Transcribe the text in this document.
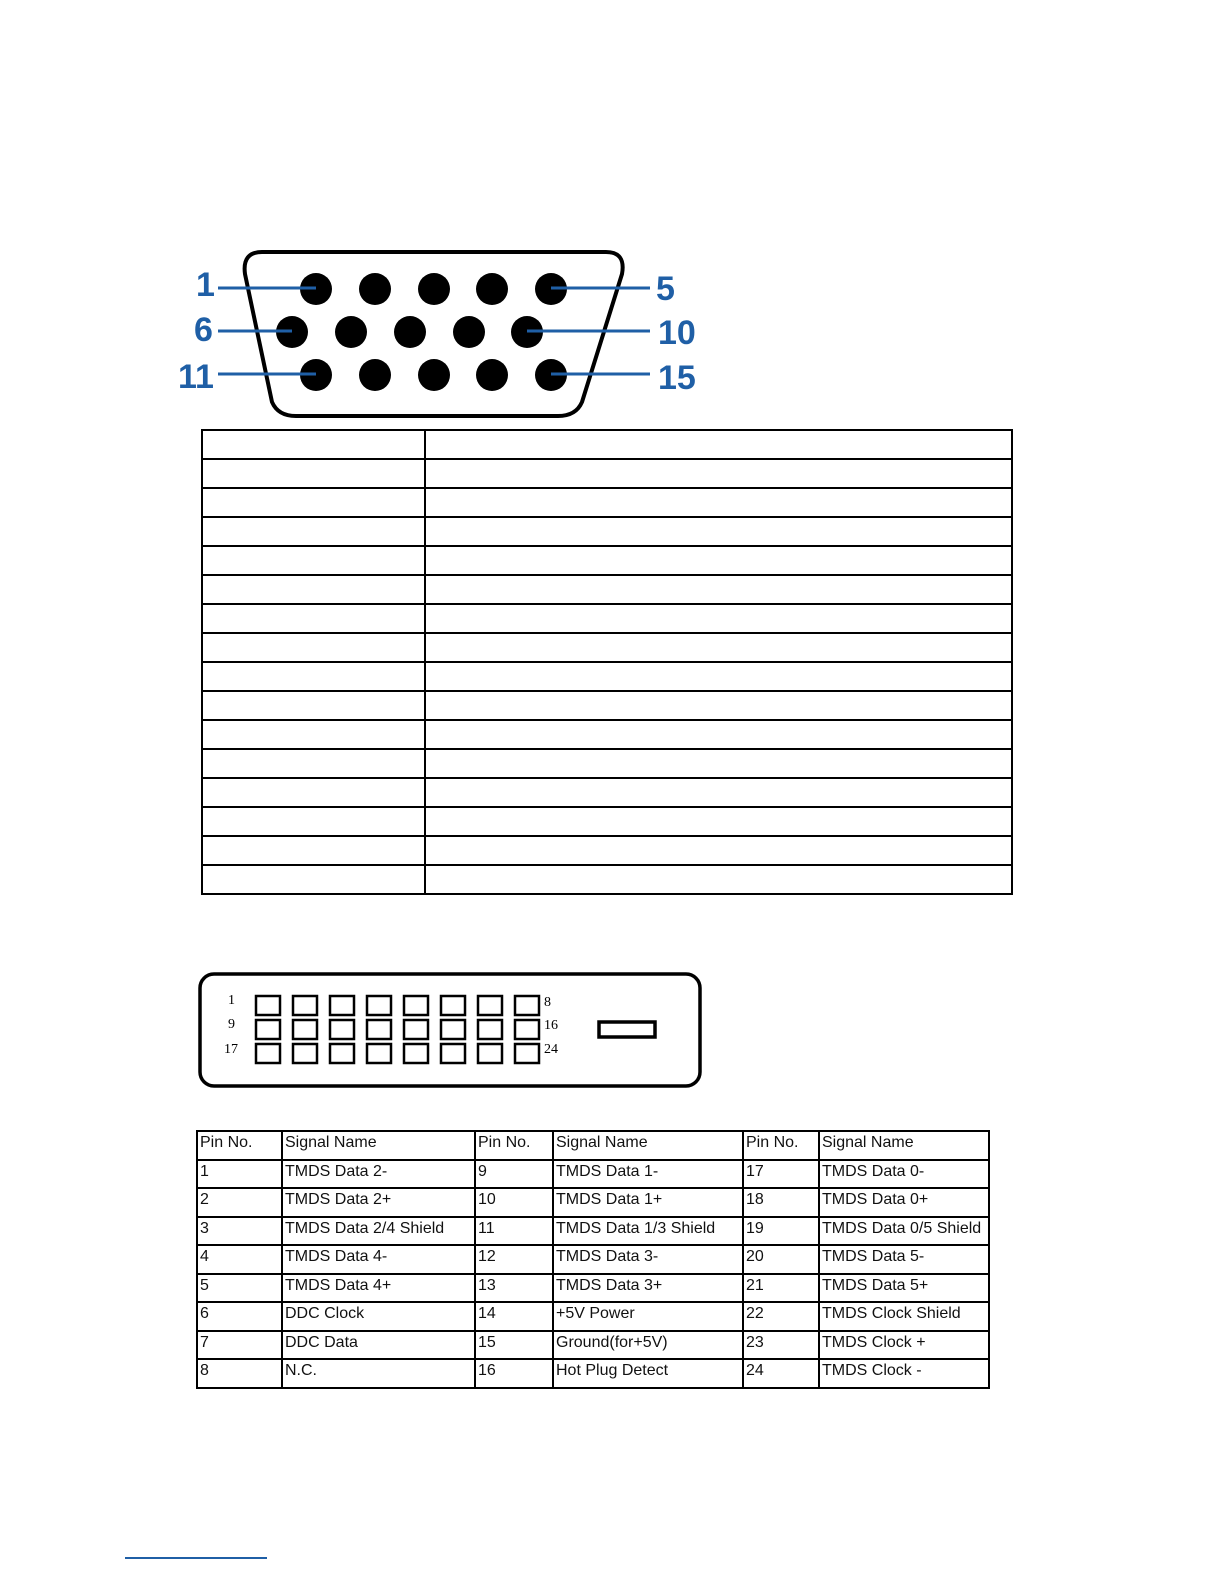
1	5
6	10
11	15

1
9
17
8
16
24
Pin No.	Signal Name	Pin No.	Signal Name	Pin No.	Signal Name
1	TMDS Data 2-	9	TMDS Data 1-	17	TMDS Data 0-
2	TMDS Data 2+	10	TMDS Data 1+	18	TMDS Data 0+
3	TMDS Data 2/4 Shield	11	TMDS Data 1/3 Shield	19	TMDS Data 0/5 Shield
4	TMDS Data 4-	12	TMDS Data 3-	20	TMDS Data 5-
5	TMDS Data 4+	13	TMDS Data 3+	21	TMDS Data 5+
6	DDC Clock	14	+5V Power	22	TMDS Clock Shield
7	DDC Data	15	Ground(for+5V)	23	TMDS Clock +
8	N.C.	16	Hot Plug Detect	24	TMDS Clock -
